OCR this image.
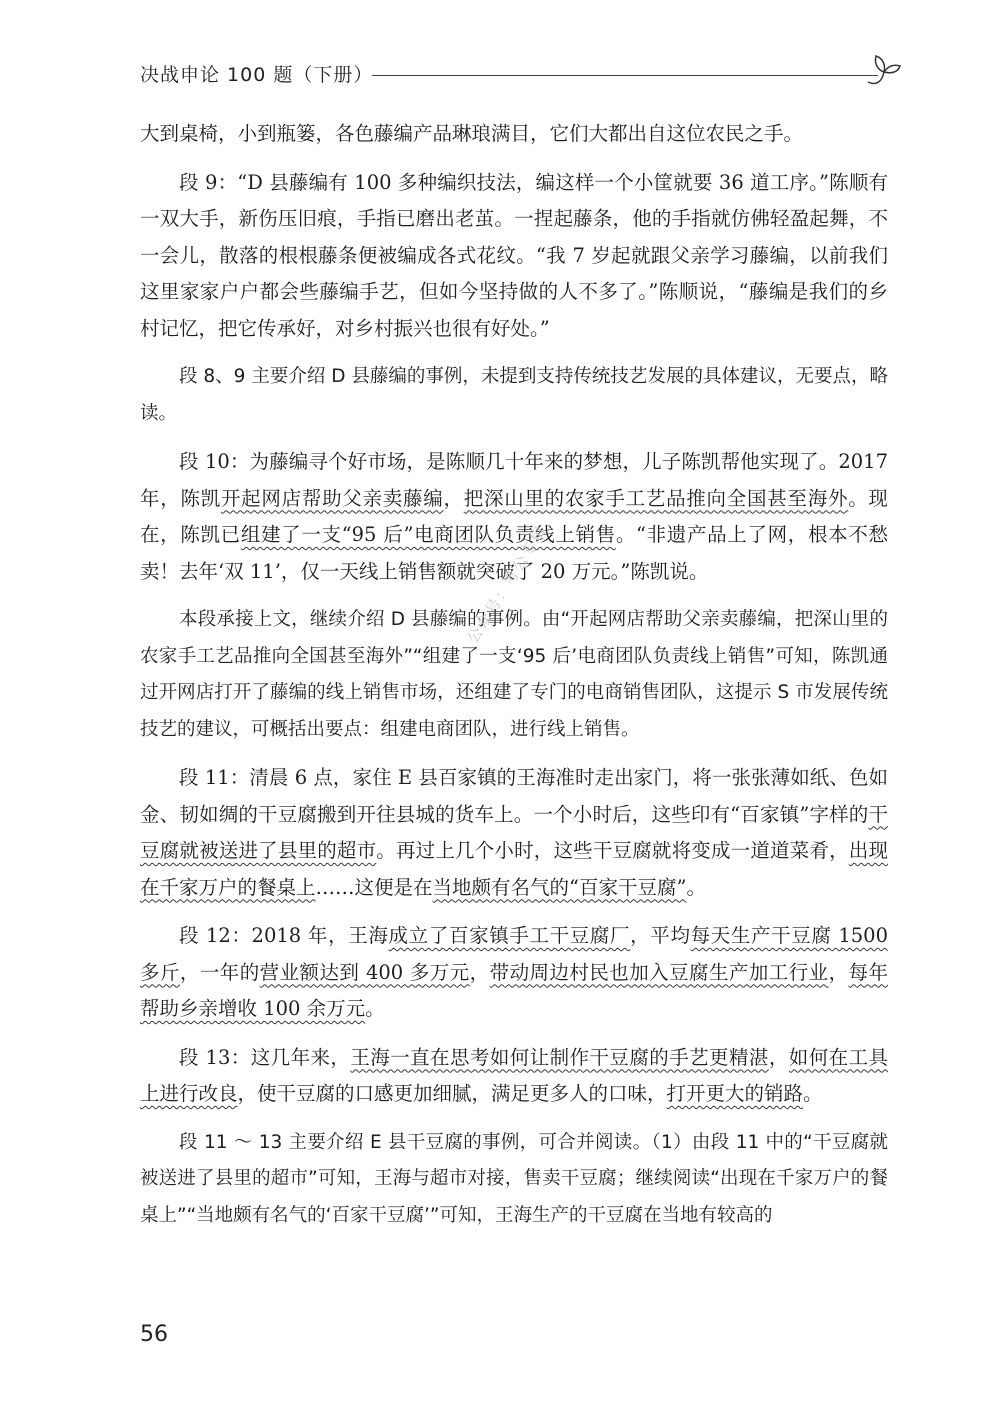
决战申论 100 题（下册）

大到桌椅，小到瓶篓，各色藤编产品琳琅满目，它们大都出自这位农民之手。

段 9：“D 县藤编有 100 多种编织技法，编这样一个小筐就要 36 道工序。”陈顺有一双大手，新伤压旧痕，手指已磨出老茧。一捏起藤条，他的手指就仿佛轻盈起舞，不一会儿，散落的根根藤条便被编成各式花纹。“我 7 岁起就跟父亲学习藤编，以前我们这里家家户户都会些藤编手艺，但如今坚持做的人不多了。”陈顺说，“藤编是我们的乡村记忆，把它传承好，对乡村振兴也很有好处。”

段 8、9 主要介绍 D 县藤编的事例，未提到支持传统技艺发展的具体建议，无要点，略读。

段 10：为藤编寻个好市场，是陈顺几十年来的梦想，儿子陈凯帮他实现了。2017 年，陈凯开起网店帮助父亲卖藤编，把深山里的农家手工艺品推向全国甚至海外。现在，陈凯已组建了一支“95 后”电商团队负责线上销售。“非遗产品上了网，根本不愁卖！去年‘双 11’，仅一天线上销售额就突破了 20 万元。”陈凯说。

本段承接上文，继续介绍 D 县藤编的事例。由“开起网店帮助父亲卖藤编，把深山里的农家手工艺品推向全国甚至海外”“组建了一支‘95 后’电商团队负责线上销售”可知，陈凯通过开网店打开了藤编的线上销售市场，还组建了专门的电商销售团队，这提示 S 市发展传统技艺的建议，可概括出要点：组建电商团队，进行线上销售。

段 11：清晨 6 点，家住 E 县百家镇的王海准时走出家门，将一张张薄如纸、色如金、韧如绸的干豆腐搬到开往县城的货车上。一个小时后，这些印有“百家镇”字样的干豆腐就被送进了县里的超市。再过上几个小时，这些干豆腐就将变成一道道菜肴，出现在千家万户的餐桌上……这便是在当地颇有名气的“百家干豆腐”。

段 12：2018 年，王海成立了百家镇手工干豆腐厂，平均每天生产干豆腐 1500 多斤，一年的营业额达到 400 多万元，带动周边村民也加入豆腐生产加工行业，每年帮助乡亲增收 100 余万元。

段 13：这几年来，王海一直在思考如何让制作干豆腐的手艺更精湛，如何在工具上进行改良，使干豆腐的口感更加细腻，满足更多人的口味，打开更大的销路。

段 11 ～ 13 主要介绍 E 县干豆腐的事例，可合并阅读。（1）由段 11 中的“干豆腐就被送进了县里的超市”可知，王海与超市对接，售卖干豆腐；继续阅读“出现在千家万户的餐桌上”“当地颇有名气的‘百家干豆腐’”可知，王海生产的干豆腐在当地有较高的

公众号：考公专辑
56
